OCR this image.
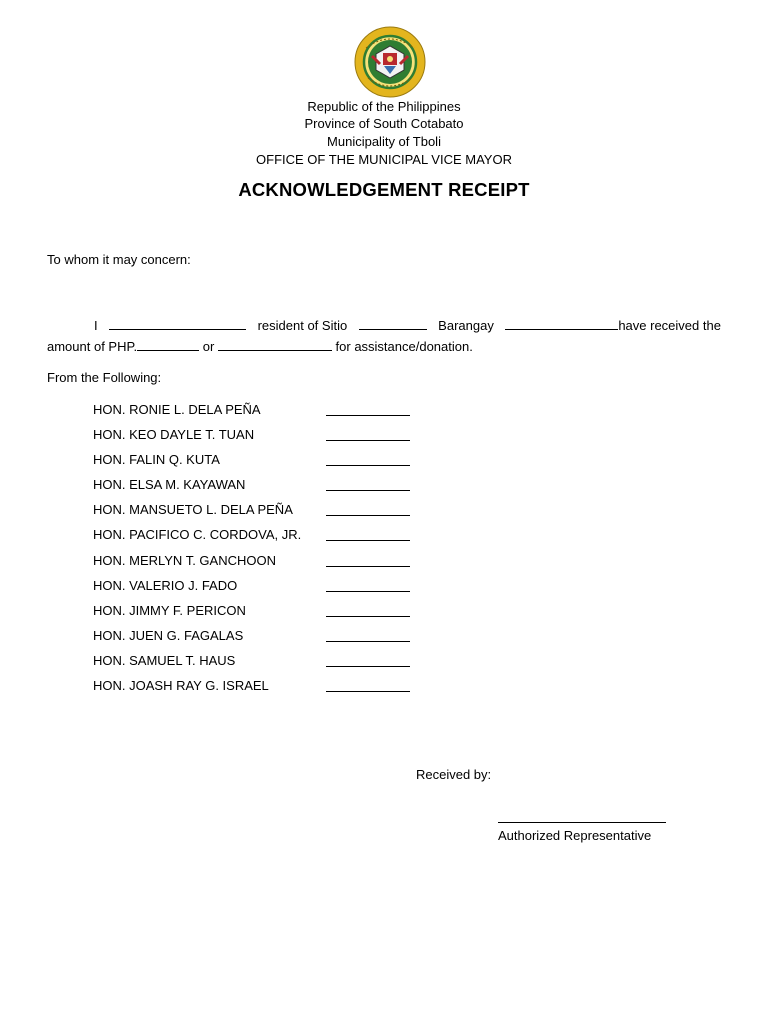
Republic of the Philippines
Province of South Cotabato
Municipality of Tboli
OFFICE OF THE MUNICIPAL VICE MAYOR
ACKNOWLEDGEMENT RECEIPT
To whom it may concern:
I	resident of Sitio	Barangay	have received the
amount of PHP.	or	for assistance/donation.
From the Following:
HON. RONIE L. DELA PEÑA
HON. KEO DAYLE T. TUAN
HON. FALIN Q. KUTA
HON. ELSA M. KAYAWAN
HON. MANSUETO L. DELA PEÑA
HON. PACIFICO C. CORDOVA, JR.
HON. MERLYN T. GANCHOON
HON. VALERIO J. FADO
HON. JIMMY F. PERICON
HON. JUEN G. FAGALAS
HON. SAMUEL T. HAUS
HON. JOASH RAY G. ISRAEL
Received by:
Authorized Representative
